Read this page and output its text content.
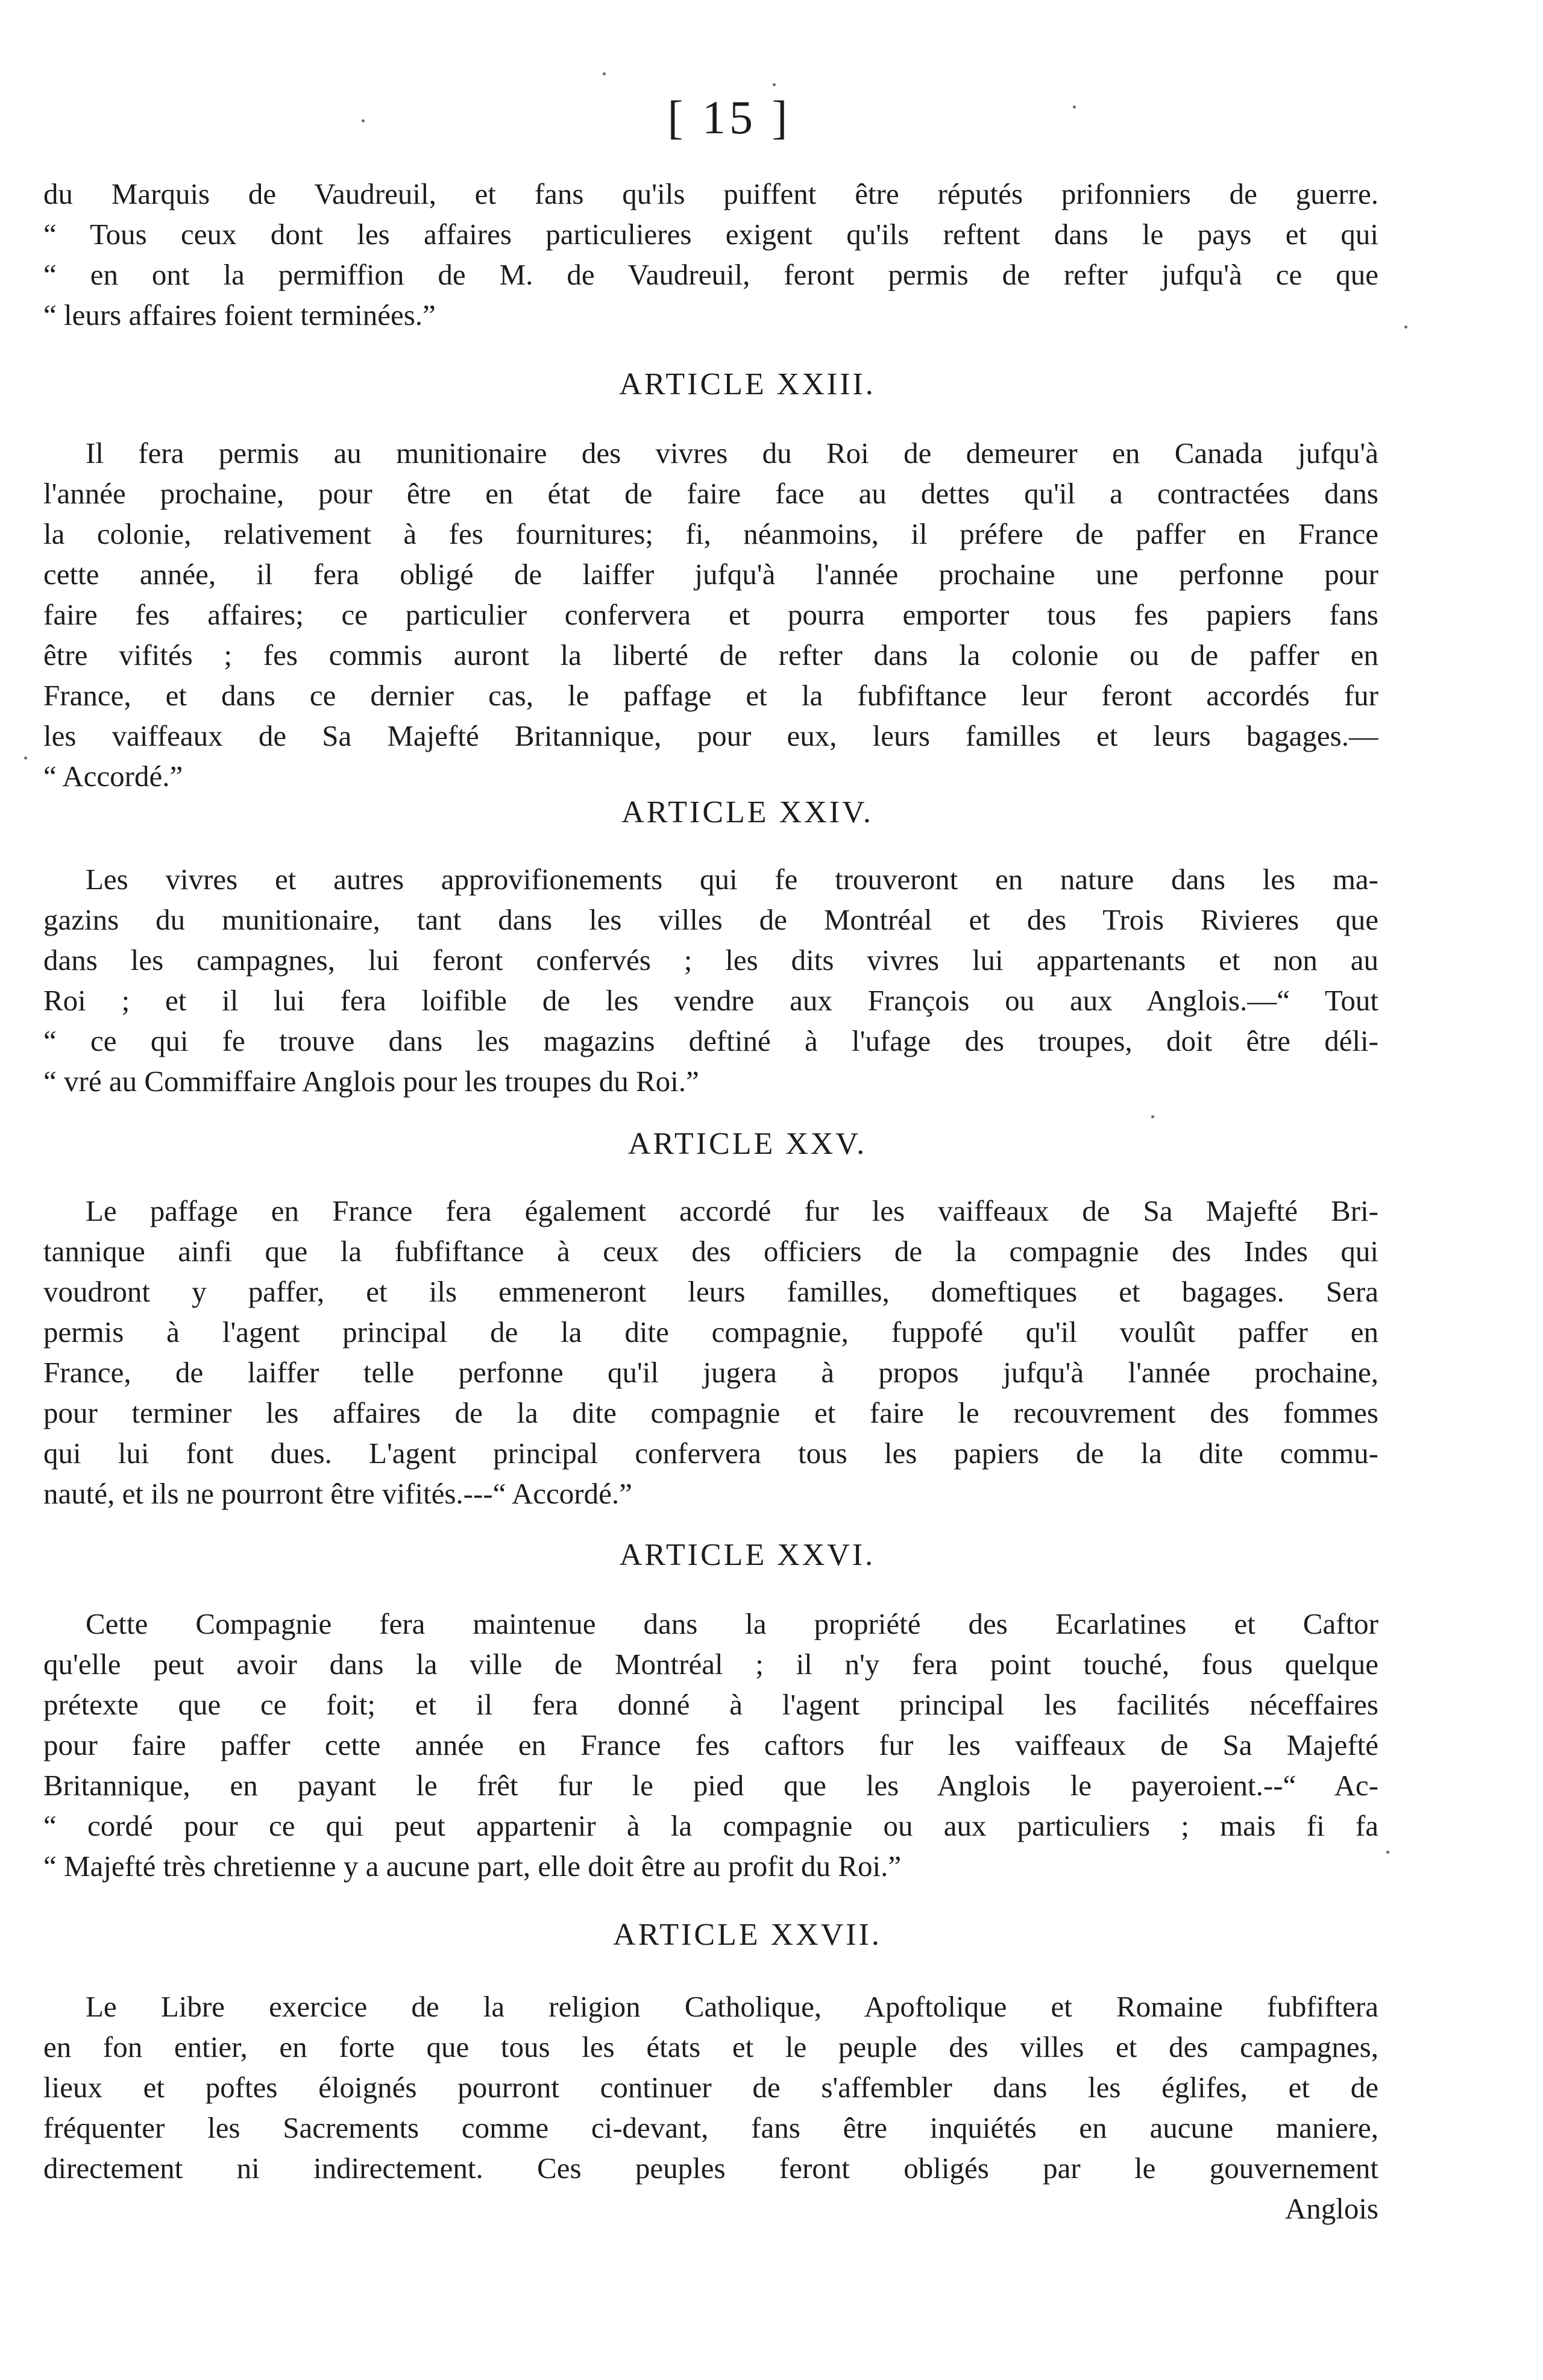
[ 15 ]
du Marquis de Vaudreuil, et fans qu'ils puiffent être réputés prifonniers de guerre.
“ Tous ceux dont les affaires particulieres exigent qu'ils reftent dans le pays et qui
“ en ont la permiffion de M. de Vaudreuil, feront permis de refter jufqu'à ce que
“ leurs affaires foient terminées.”
ARTICLE XXIII.
Il fera permis au munitionaire des vivres du Roi de demeurer en Canada jufqu'à
l'année prochaine, pour être en état de faire face au dettes qu'il a contractées dans
la colonie, relativement à fes fournitures; fi, néanmoins, il préfere de paffer en France
cette année, il fera obligé de laiffer jufqu'à l'année prochaine une perfonne pour
faire fes affaires; ce particulier confervera et pourra emporter tous fes papiers fans
être vifités ; fes commis auront la liberté de refter dans la colonie ou de paffer en
France, et dans ce dernier cas, le paffage et la fubfiftance leur feront accordés fur
les vaiffeaux de Sa Majefté Britannique, pour eux, leurs familles et leurs bagages.—
“ Accordé.”
ARTICLE XXIV.
Les vivres et autres approvifionements qui fe trouveront en nature dans les ma-
gazins du munitionaire, tant dans les villes de Montréal et des Trois Rivieres que
dans les campagnes, lui feront confervés ; les dits vivres lui appartenants et non au
Roi ; et il lui fera loifible de les vendre aux François ou aux Anglois.—“ Tout
“ ce qui fe trouve dans les magazins deftiné à l'ufage des troupes, doit être déli-
“ vré au Commiffaire Anglois pour les troupes du Roi.”
ARTICLE XXV.
Le paffage en France fera également accordé fur les vaiffeaux de Sa Majefté Bri-
tannique ainfi que la fubfiftance à ceux des officiers de la compagnie des Indes qui
voudront y paffer, et ils emmeneront leurs familles, domeftiques et bagages. Sera
permis à l'agent principal de la dite compagnie, fuppofé qu'il voulût paffer en
France, de laiffer telle perfonne qu'il jugera à propos jufqu'à l'année prochaine,
pour terminer les affaires de la dite compagnie et faire le recouvrement des fommes
qui lui font dues. L'agent principal confervera tous les papiers de la dite commu-
nauté, et ils ne pourront être vifités.---“ Accordé.”
ARTICLE XXVI.
Cette Compagnie fera maintenue dans la propriété des Ecarlatines et Caftor
qu'elle peut avoir dans la ville de Montréal ; il n'y fera point touché, fous quelque
prétexte que ce foit; et il fera donné à l'agent principal les facilités néceffaires
pour faire paffer cette année en France fes caftors fur les vaiffeaux de Sa Majefté
Britannique, en payant le frêt fur le pied que les Anglois le payeroient.--“ Ac-
“ cordé pour ce qui peut appartenir à la compagnie ou aux particuliers ; mais fi fa
“ Majefté très chretienne y a aucune part, elle doit être au profit du Roi.”
ARTICLE XXVII.
Le Libre exercice de la religion Catholique, Apoftolique et Romaine fubfiftera
en fon entier, en forte que tous les états et le peuple des villes et des campagnes,
lieux et poftes éloignés pourront continuer de s'affembler dans les églifes, et de
fréquenter les Sacrements comme ci-devant, fans être inquiétés en aucune maniere,
directement ni indirectement. Ces peuples feront obligés par le gouvernement
Anglois
